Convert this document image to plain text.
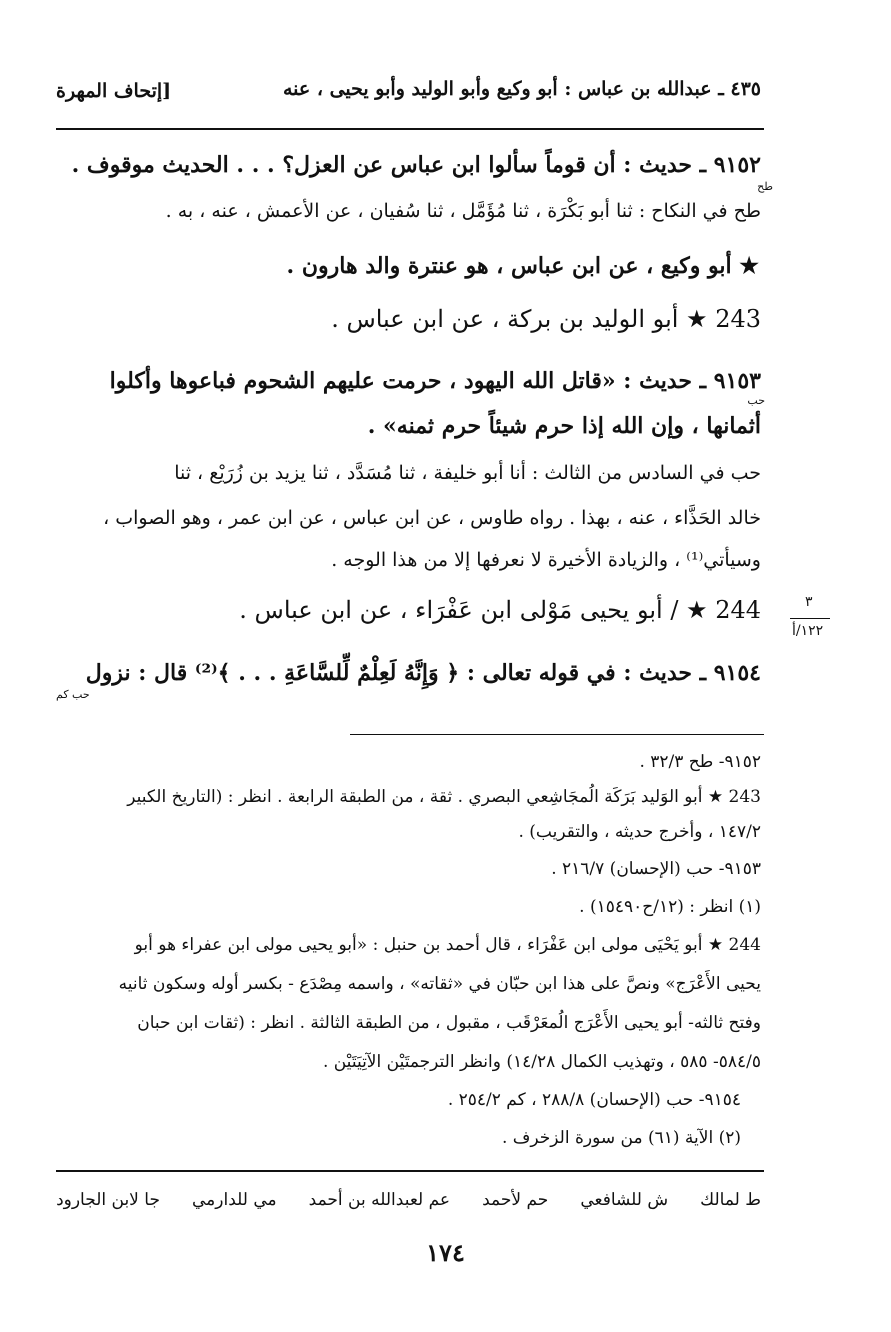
٤٣٥ ـ عبدالله بن عباس : أبو وكيع وأبو الوليد وأبو يحيى ، عنه
[إتحاف المهرة
٩١٥٢ ـ حديث : أن قوماً سألوا ابن عباس عن العزل؟ . . . الحديث موقوف .
طح
طح في النكاح : ثنا أبو بَكْرَة ، ثنا مُؤَمَّل ، ثنا سُفيان ، عن الأعمش ، عنه ، به .
★ أبو وكيع ، عن ابن عباس ، هو عنترة والد هارون .
243 ★ أبو الوليد بن بركة ، عن ابن عباس .
٩١٥٣ ـ حديث : «قاتل الله اليهود ، حرمت عليهم الشحوم فباعوها وأكلوا
حب
أثمانها ، وإن الله إذا حرم شيئاً حرم ثمنه» .
حب في السادس من الثالث : أنا أبو خليفة ، ثنا مُسَدَّد ، ثنا يزيد بن زُرَيْع ، ثنا
خالد الحَذَّاء ، عنه ، بهذا . رواه طاوس ، عن ابن عباس ، عن ابن عمر ، وهو الصواب ،
وسيأتي⁽¹⁾ ، والزيادة الأخيرة لا نعرفها إلا من هذا الوجه .
244 ★ / أبو يحيى مَوْلى ابن عَفْرَاء ، عن ابن عباس .	٣
١٢٢/أ
٩١٥٤ ـ حديث : في قوله تعالى : ﴿ وَإِنَّهُ لَعِلْمٌ لِّلسَّاعَةِ . . . ﴾⁽²⁾ قال : نزول
حب كم
٩١٥٢- طح ٣٢/٣ .
243 ★ أبو الوَليد بَرَكَة الُمجَاشِعي البصري . ثقة ، من الطبقة الرابعة . انظر : (التاريخ الكبير
١٤٧/٢ ، وأخرج حديثه ، والتقريب) .
٩١٥٣- حب (الإحسان) ٢١٦/٧ .
(١) انظر : (١٢/ح١٥٤٩٠) .
244 ★ أبو يَحْيَى مولى ابن عَفْرَاء ، قال أحمد بن حنبل : «أبو يحيى مولى ابن عفراء هو أبو
يحيى الأَعْرَج» ونصَّ على هذا ابن حبّان في «ثقاته» ، واسمه مِصْدَع - بكسر أوله وسكون ثانيه
وفتح ثالثه- أبو يحيى الأَعْرَج الُمعَرْقَب ، مقبول ، من الطبقة الثالثة . انظر : (ثقات ابن حبان
٥٨٤/٥- ٥٨٥ ، وتهذيب الكمال ١٤/٢٨) وانظر الترجمتَيْن الآتِيَتَيْن .
٩١٥٤- حب (الإحسان) ٢٨٨/٨ ، كم ٢٥٤/٢ .
(٢) الآية (٦١) من سورة الزخرف .
ط لمالك
ش للشافعي
حم لأحمد
عم لعبدالله بن أحمد
مي للدارمي
جا لابن الجارود
١٧٤
